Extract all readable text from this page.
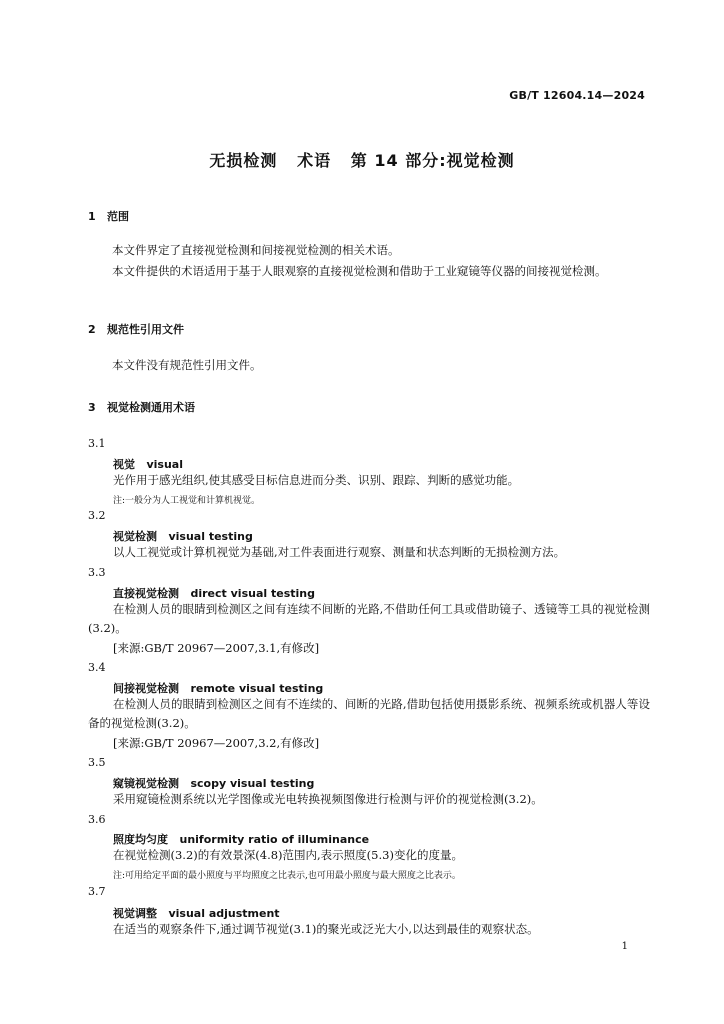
GB/T 12604.14—2024
无损检测   术语   第 14 部分:视觉检测
1 范围
本文件界定了直接视觉检测和间接视觉检测的相关术语。
本文件提供的术语适用于基于人眼观察的直接视觉检测和借助于工业窥镜等仪器的间接视觉检测。
2 规范性引用文件
本文件没有规范性引用文件。
3 视觉检测通用术语
3.1
视觉   visual
光作用于感光组织,使其感受目标信息进而分类、识别、跟踪、判断的感觉功能。
注:一般分为人工视觉和计算机视觉。
3.2
视觉检测   visual testing
以人工视觉或计算机视觉为基础,对工件表面进行观察、测量和状态判断的无损检测方法。
3.3
直接视觉检测   direct visual testing
在检测人员的眼睛到检测区之间有连续不间断的光路,不借助任何工具或借助镜子、透镜等工具的视觉检测(3.2)。
[来源:GB/T 20967—2007,3.1,有修改]
3.4
间接视觉检测   remote visual testing
在检测人员的眼睛到检测区之间有不连续的、间断的光路,借助包括使用摄影系统、视频系统或机器人等设备的视觉检测(3.2)。
[来源:GB/T 20967—2007,3.2,有修改]
3.5
窥镜视觉检测   scopy visual testing
采用窥镜检测系统以光学图像或光电转换视频图像进行检测与评价的视觉检测(3.2)。
3.6
照度均匀度   uniformity ratio of illuminance
在视觉检测(3.2)的有效景深(4.8)范围内,表示照度(5.3)变化的度量。
注:可用给定平面的最小照度与平均照度之比表示,也可用最小照度与最大照度之比表示。
3.7
视觉调整   visual adjustment
在适当的观察条件下,通过调节视觉(3.1)的聚光或泛光大小,以达到最佳的观察状态。
1
